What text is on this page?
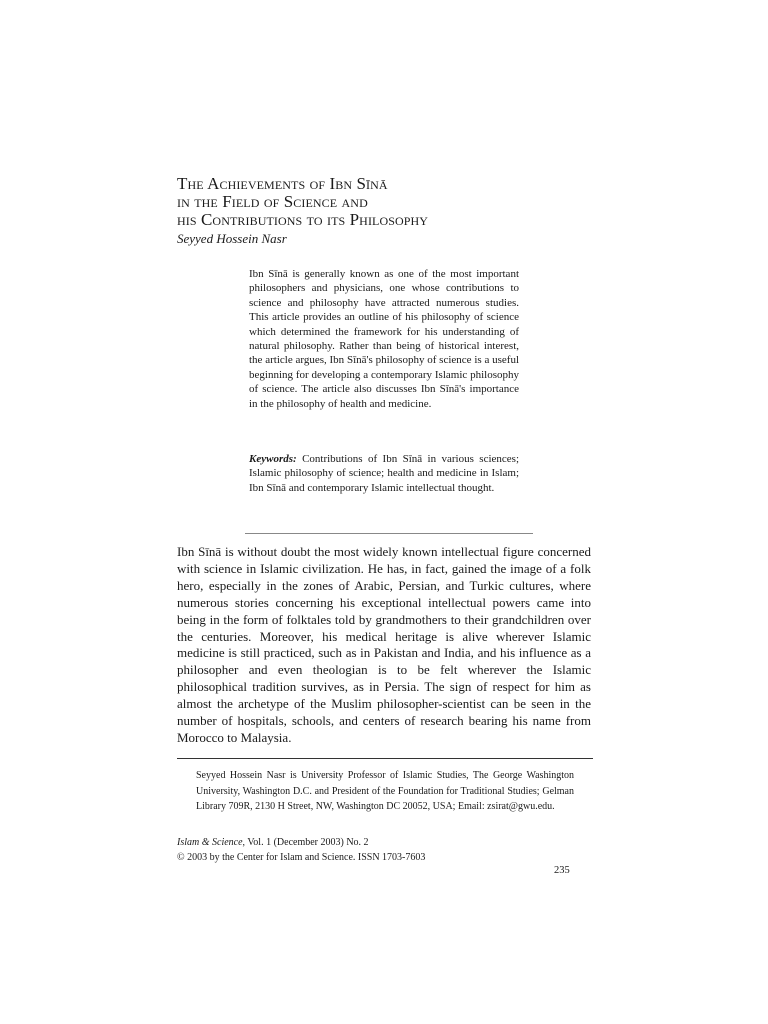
The Achievements of Ibn Sīnā
in the Field of Science and
his Contributions to its Philosophy
Seyyed Hossein Nasr

Ibn Sīnā is generally known as one of the most important philosophers and physicians, one whose contributions to science and philosophy have attracted numerous studies. This article provides an outline of his philosophy of science which determined the framework for his understanding of natural philosophy. Rather than being of historical interest, the article argues, Ibn Sīnā's philosophy of science is a useful beginning for developing a contemporary Islamic philosophy of science. The article also discusses Ibn Sīnā's importance in the philosophy of health and medicine.

Keywords: Contributions of Ibn Sīnā in various sciences; Islamic philosophy of science; health and medicine in Islam; Ibn Sīnā and contemporary Islamic intellectual thought.

Ibn Sīnā is without doubt the most widely known intellectual figure concerned with science in Islamic civilization. He has, in fact, gained the image of a folk hero, especially in the zones of Arabic, Persian, and Turkic cultures, where numerous stories concerning his exceptional intellectual powers came into being in the form of folktales told by grandmothers to their grandchildren over the centuries. Moreover, his medical heritage is alive wherever Islamic medicine is still practiced, such as in Pakistan and India, and his influence as a philosopher and even theologian is to be felt wherever the Islamic philosophical tradition survives, as in Persia. The sign of respect for him as almost the archetype of the Muslim philosopher-scientist can be seen in the number of hospitals, schools, and centers of research bearing his name from Morocco to Malaysia.

Seyyed Hossein Nasr is University Professor of Islamic Studies, The George Washington University, Washington D.C. and President of the Foundation for Traditional Studies; Gelman Library 709R, 2130 H Street, NW, Washington DC 20052, USA; Email: zsirat@gwu.edu.

Islam & Science, Vol. 1 (December 2003) No. 2
© 2003 by the Center for Islam and Science. ISSN 1703-7603
235
